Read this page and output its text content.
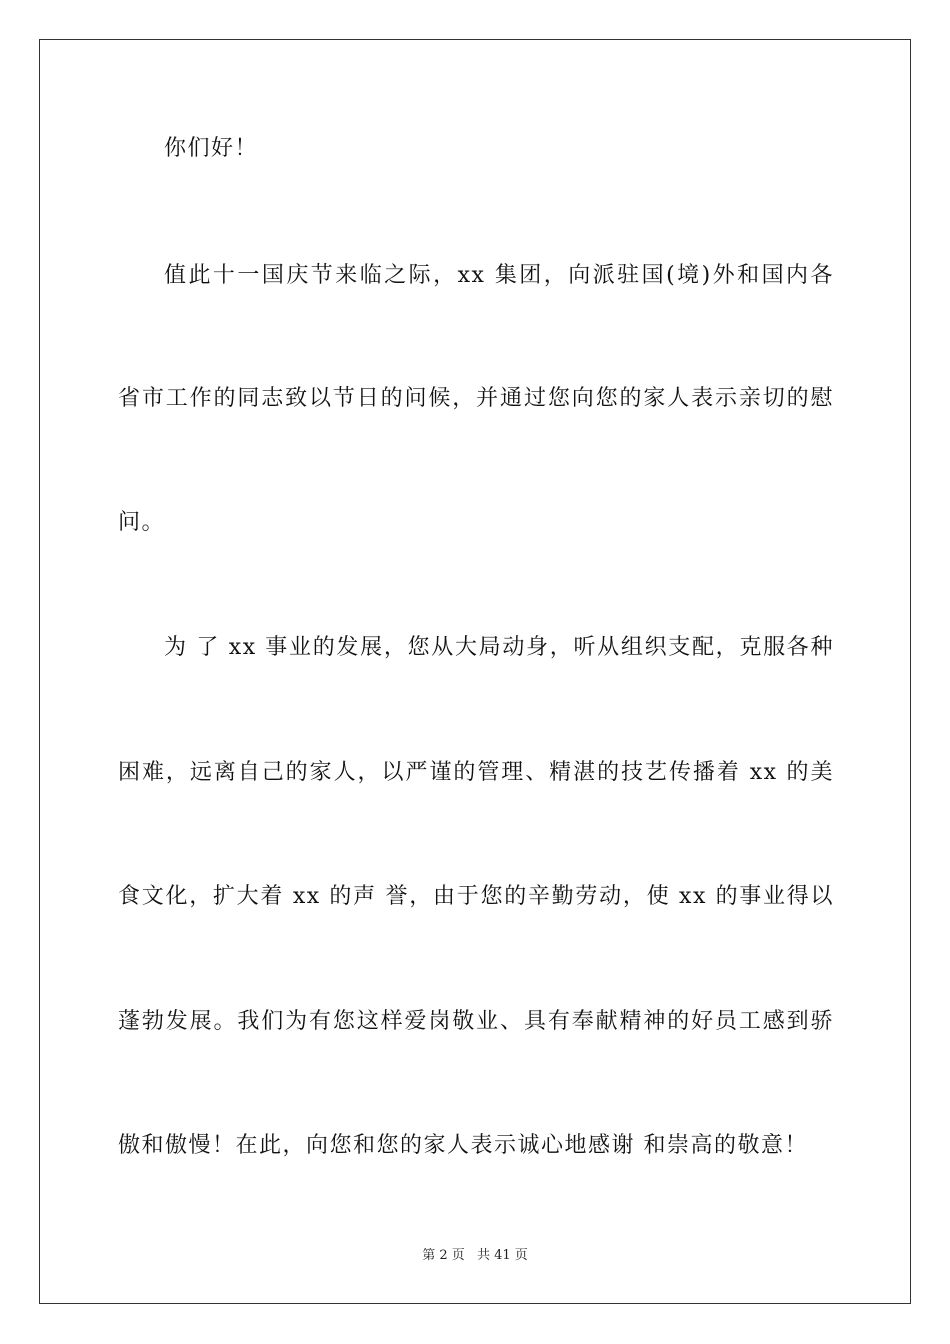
你们好！
值此十一国庆节来临之际，xx 集团，向派驻国(境)外和国内各
省市工作的同志致以节日的问候，并通过您向您的家人表示亲切的慰
问。
为 了 xx 事业的发展，您从大局动身，听从组织支配，克服各种
困难，远离自己的家人，以严谨的管理、精湛的技艺传播着 xx 的美
食文化，扩大着 xx 的声 誉，由于您的辛勤劳动，使 xx 的事业得以
蓬勃发展。我们为有您这样爱岗敬业、具有奉献精神的好员工感到骄
傲和傲慢！在此，向您和您的家人表示诚心地感谢 和崇高的敬意！
第 2 页 共 41 页
